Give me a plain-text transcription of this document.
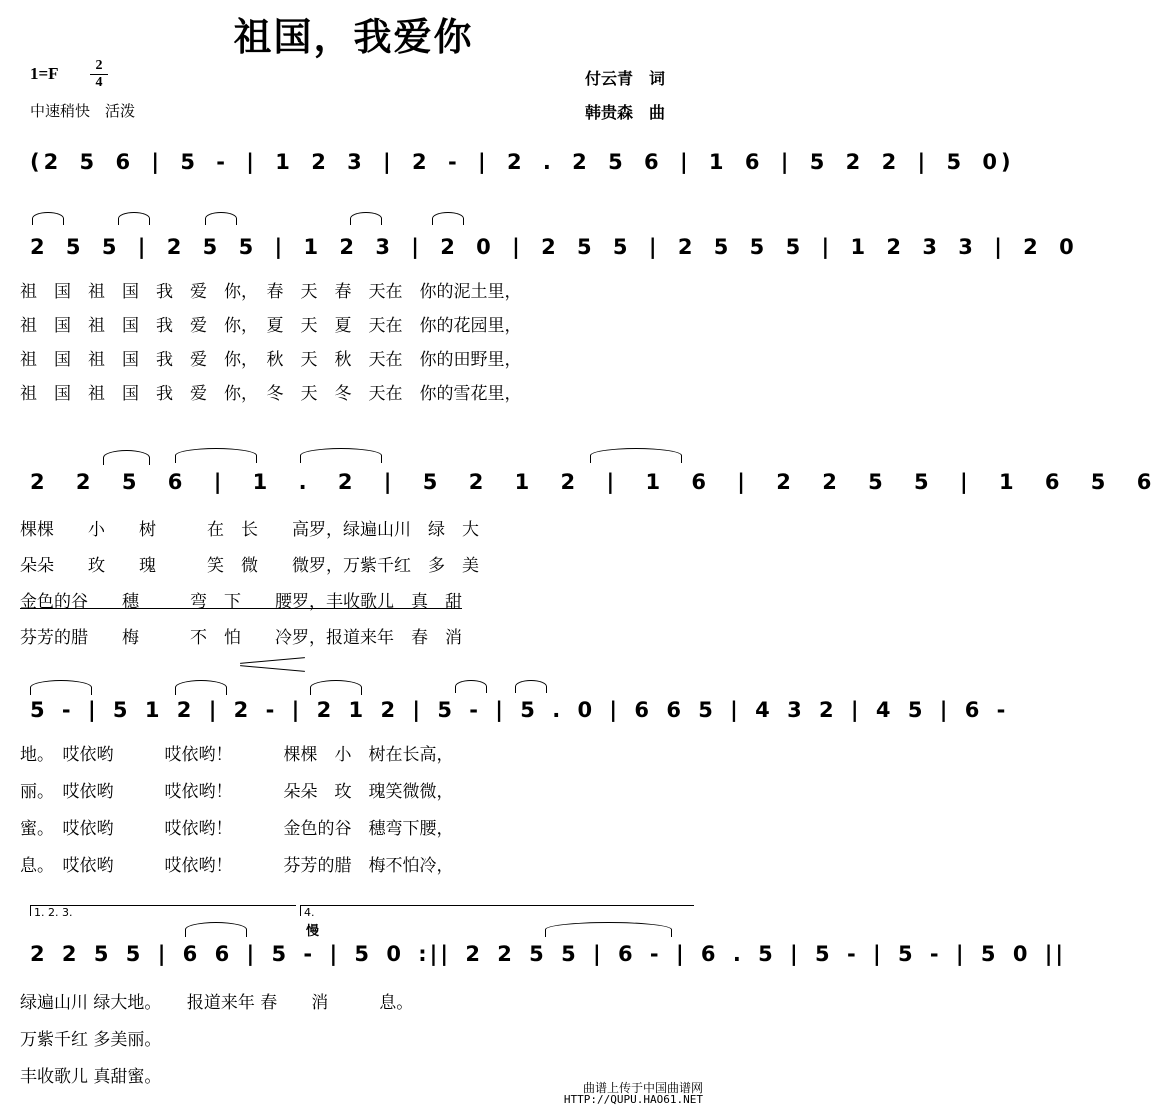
祖国，我爱你
$1=F \frac{2}{4}$
中速稍快　活泼
付云青　词
韩贵森　曲
(2 5 6 | 5 - | 1 2 3 | 2 - | 2 . 2 5 6 | 1 6 | 5 2 2 | 5 0)
2 5 5 | 2 5 5 | 1 2 3 | 2 0 | 2 5 5 | 2 5 5 5 | 1 2 3 3 | 2 0
祖　国　祖　国　我　爱　你，　春　天　春　天在　你的泥土里，
祖　国　祖　国　我　爱　你，　夏　天　夏　天在　你的花园里，
祖　国　祖　国　我　爱　你，　秋　天　秋　天在　你的田野里，
祖　国　祖　国　我　爱　你，　冬　天　冬　天在　你的雪花里，
2 2 5 6 | 1 . 2 | 5 2 1 2 | 1 6 | 2 2 5 5 | 1 6 5 6
棵棵　　小　　树　　　在　长　　高罗，绿遍山川　绿　大
朵朵　　玫　　瑰　　　笑　微　　微罗，万紫千红　多　美
金色的谷　　穗　　　弯　下　　腰罗，丰收歌儿　真　甜
芬芳的腊　　梅　　　不　怕　　冷罗，报道来年　春　消
5 - | 5 1 2 | 2 - | 2 1 2 | 5 - | 5 . 0 | 6 6 5 | 4 3 2 | 4 5 | 6 -
地。　哎依哟　　　哎依哟！　　　棵棵　小　树在长高，
丽。　哎依哟　　　哎依哟！　　　朵朵　玫　瑰笑微微，
蜜。　哎依哟　　　哎依哟！　　　金色的谷　穗弯下腰，
息。　哎依哟　　　哎依哟！　　　芬芳的腊　梅不怕冷，
1. 2. 3.	4.
慢
2 2 5 5 | 6 6 | 5 - | 5 0 :|| 2 2 5 5 | 6 - | 6 . 5 | 5 - | 5 - | 5 0 ||
绿遍山川 绿大地。　　报道来年 春　　消　　　息。
万紫千红 多美丽。
丰收歌儿 真甜蜜。
曲谱上传于中国曲谱网
HTTP://QUPU.HAO61.NET
